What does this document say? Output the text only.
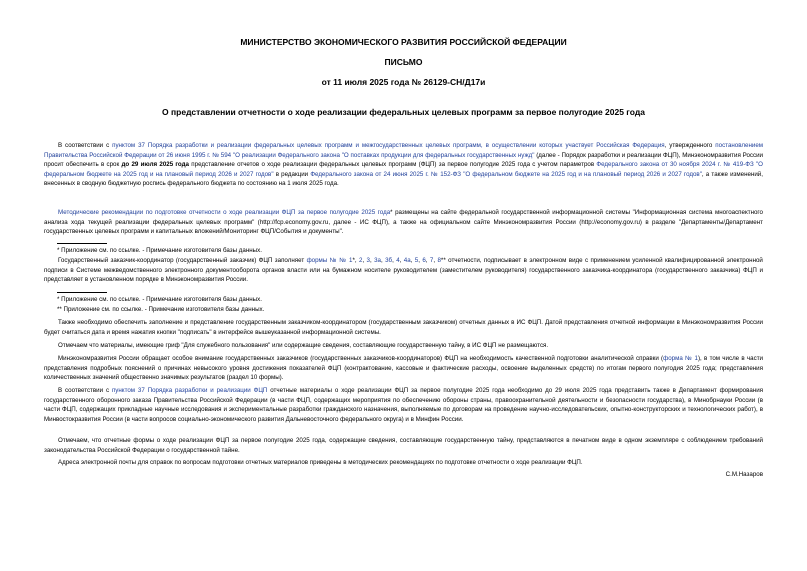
МИНИСТЕРСТВО ЭКОНОМИЧЕСКОГО РАЗВИТИЯ РОССИЙСКОЙ ФЕДЕРАЦИИ
ПИСЬМО
от 11 июля 2025 года № 26129-СН/Д17и
О представлении отчетности о ходе реализации федеральных целевых программ за первое полугодие 2025 года
В соответствии с пунктом 37 Порядка разработки и реализации федеральных целевых программ и межгосударственных целевых программ, в осуществлении которых участвует Российская Федерация, утвержденного постановлением Правительства Российской Федерации от 26 июня 1995 г. № 594 "О реализации Федерального закона "О поставках продукции для федеральных государственных нужд" (далее - Порядок разработки и реализации ФЦП), Минэкономразвития России просит обеспечить в срок до 29 июля 2025 года представление отчетов о ходе реализации федеральных целевых программ (ФЦП) за первое полугодие 2025 года с учетом параметров Федерального закона от 30 ноября 2024 г. № 419-ФЗ "О федеральном бюджете на 2025 год и на плановый период 2026 и 2027 годов" в редакции Федерального закона от 24 июня 2025 г. № 152-ФЗ "О федеральном бюджете на 2025 год и на плановый период 2026 и 2027 годов", а также изменений, внесенных в сводную бюджетную роспись федерального бюджета по состоянию на 1 июля 2025 года.
Методические рекомендации по подготовке отчетности о ходе реализации ФЦП за первое полугодие 2025 года* размещены на сайте федеральной государственной информационной системы "Информационная система многоаспектного анализа хода текущей реализации федеральных целевых программ" (http://fcp.economy.gov.ru, далее - ИС ФЦП), а также на официальном сайте Минэкономразвития России (http://economy.gov.ru) в разделе "Департаменты/Департамент государственных целевых программ и капитальных вложений/Мониторинг ФЦП/События и документы".
* Приложение см. по ссылке. - Примечание изготовителя базы данных.
Государственный заказчик-координатор (государственный заказчик) ФЦП заполняет формы № № 1*, 2, 3, 3а, 3б, 4, 4а, 5, 6, 7, 8** отчетности, подписывает в электронном виде с применением усиленной квалифицированной электронной подписи в Системе межведомственного электронного документооборота органов власти или на бумажном носителе руководителем (заместителем руководителя) государственного заказчика-координатора (государственного заказчика) ФЦП и представляет в установленном порядке в Минэкономразвития России.
* Приложение см. по ссылке. - Примечание изготовителя базы данных.
** Приложение см. по ссылке. - Примечание изготовителя базы данных.
Также необходимо обеспечить заполнение и представление государственным заказчиком-координатором (государственным заказчиком) отчетных данных в ИС ФЦП. Датой представления отчетной информации в Минэкономразвития России будет считаться дата и время нажатия кнопки "подписать" в интерфейсе вышеуказанной информационной системы.
Отмечаем что материалы, имеющие гриф "Для служебного пользования" или содержащие сведения, составляющие государственную тайну, в ИС ФЦП не размещаются.
Минэкономразвития России обращает особое внимание государственных заказчиков (государственных заказчиков-координаторов) ФЦП на необходимость качественной подготовки аналитической справки (форма № 1), в том числе в части представления подробных пояснений о причинах невысокого уровня достижения показателей ФЦП (контрактование, кассовые и фактические расходы, освоение выделенных средств) по итогам первого полугодия 2025 года; представления количественных значений общественно значимых результатов (раздел 10 формы).
В соответствии с пунктом 37 Порядка разработки и реализации ФЦП отчетные материалы о ходе реализации ФЦП за первое полугодие 2025 года необходимо до 29 июля 2025 года представить также в Департамент формирования государственного оборонного заказа Правительства Российской Федерации (в части ФЦП, содержащих мероприятия по обеспечению обороны страны, правоохранительной деятельности и безопасности государства), в Минобрнауки России (в части ФЦП, содержащих прикладные научные исследования и экспериментальные разработки гражданского назначения, выполняемые по договорам на проведение научно-исследовательских, опытно-конструкторских и технологических работ), в Минвостокразвития России (в части вопросов социально-экономического развития Дальневосточного федерального округа) и в Минфин России.
Отмечаем, что отчетные формы о ходе реализации ФЦП за первое полугодие 2025 года, содержащие сведения, составляющие государственную тайну, представляются в печатном виде в одном экземпляре с соблюдением требований законодательства Российской Федерации о государственной тайне.
Адреса электронной почты для справок по вопросам подготовки отчетных материалов приведены в методических рекомендациях по подготовке отчетности о ходе реализации ФЦП.
С.М.Назаров
